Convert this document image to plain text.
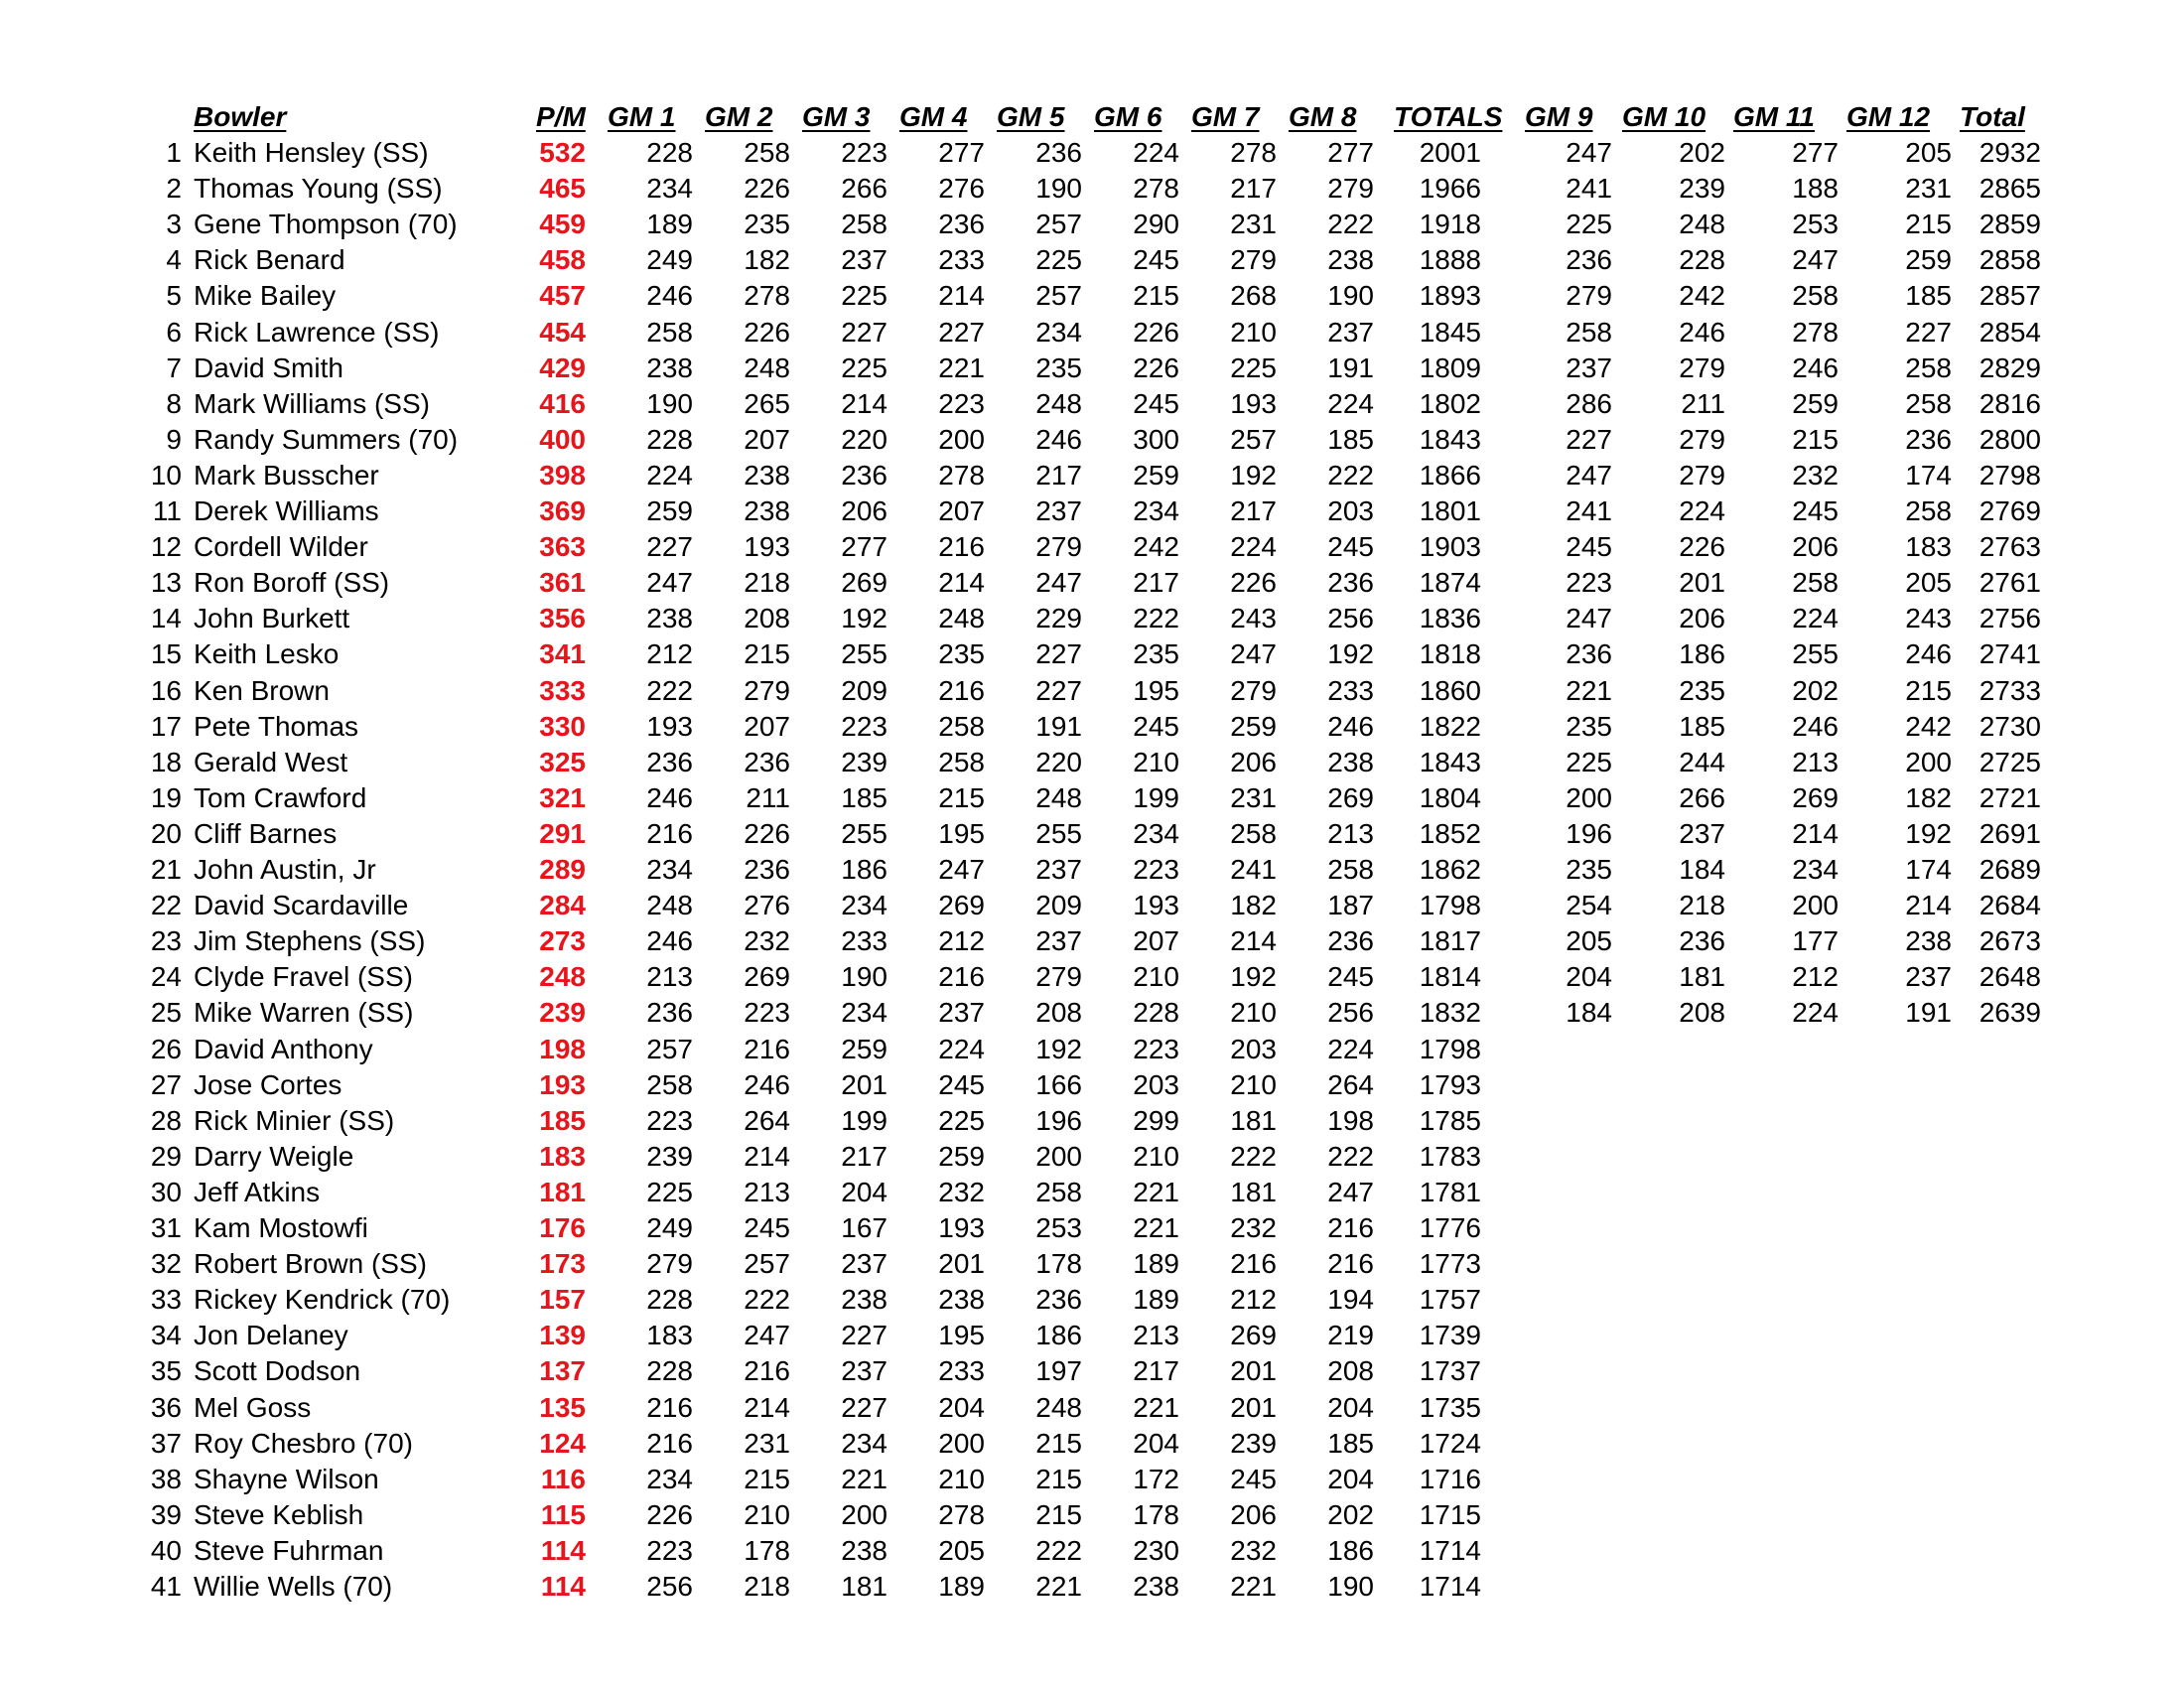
Bowler	P/M GM 1 GM 2 GM 3 GM 4 GM 5 GM 6 GM 7 GM 8 TOTALS GM 9 GM 10 GM 11 GM 12 Total
1 Keith Hensley (SS)	532	228	258	223	277	236	224	278	277	2001	247	202	277	205 2932
2 Thomas Young (SS)	465	234	226	266	276	190	278	217	279	1966	241	239	188	231 2865
3 Gene Thompson (70)	459	189	235	258	236	257	290	231	222	1918	225	248	253	215 2859
4 Rick Benard	458	249	182	237	233	225	245	279	238	1888	236	228	247	259 2858
5 Mike Bailey	457	246	278	225	214	257	215	268	190	1893	279	242	258	185 2857
6 Rick Lawrence (SS)	454	258	226	227	227	234	226	210	237	1845	258	246	278	227 2854
7 David Smith	429	238	248	225	221	235	226	225	191	1809	237	279	246	258 2829
8 Mark Williams (SS)	416	190	265	214	223	248	245	193	224	1802	286	211	259	258 2816
9 Randy Summers (70)	400	228	207	220	200	246	300	257	185	1843	227	279	215	236 2800
10 Mark Busscher	398	224	238	236	278	217	259	192	222	1866	247	279	232	174 2798
11 Derek Williams	369	259	238	206	207	237	234	217	203	1801	241	224	245	258 2769
12 Cordell Wilder	363	227	193	277	216	279	242	224	245	1903	245	226	206	183 2763
13 Ron Boroff (SS)	361	247	218	269	214	247	217	226	236	1874	223	201	258	205 2761
14 John Burkett	356	238	208	192	248	229	222	243	256	1836	247	206	224	243 2756
15 Keith Lesko	341	212	215	255	235	227	235	247	192	1818	236	186	255	246 2741
16 Ken Brown	333	222	279	209	216	227	195	279	233	1860	221	235	202	215 2733
17 Pete Thomas	330	193	207	223	258	191	245	259	246	1822	235	185	246	242 2730
18 Gerald West	325	236	236	239	258	220	210	206	238	1843	225	244	213	200 2725
19 Tom Crawford	321	246	211	185	215	248	199	231	269	1804	200	266	269	182 2721
20 Cliff Barnes	291	216	226	255	195	255	234	258	213	1852	196	237	214	192 2691
21 John Austin, Jr	289	234	236	186	247	237	223	241	258	1862	235	184	234	174 2689
22 David Scardaville	284	248	276	234	269	209	193	182	187	1798	254	218	200	214 2684
23 Jim Stephens (SS)	273	246	232	233	212	237	207	214	236	1817	205	236	177	238 2673
24 Clyde Fravel (SS)	248	213	269	190	216	279	210	192	245	1814	204	181	212	237 2648
25 Mike Warren (SS)	239	236	223	234	237	208	228	210	256	1832	184	208	224	191 2639
26 David Anthony	198	257	216	259	224	192	223	203	224	1798
27 Jose Cortes	193	258	246	201	245	166	203	210	264	1793
28 Rick Minier (SS)	185	223	264	199	225	196	299	181	198	1785
29 Darry Weigle	183	239	214	217	259	200	210	222	222	1783
30 Jeff Atkins	181	225	213	204	232	258	221	181	247	1781
31 Kam Mostowfi	176	249	245	167	193	253	221	232	216	1776
32 Robert Brown (SS)	173	279	257	237	201	178	189	216	216	1773
33 Rickey Kendrick (70)	157	228	222	238	238	236	189	212	194	1757
34 Jon Delaney	139	183	247	227	195	186	213	269	219	1739
35 Scott Dodson	137	228	216	237	233	197	217	201	208	1737
36 Mel Goss	135	216	214	227	204	248	221	201	204	1735
37 Roy Chesbro (70)	124	216	231	234	200	215	204	239	185	1724
38 Shayne Wilson	116	234	215	221	210	215	172	245	204	1716
39 Steve Keblish	115	226	210	200	278	215	178	206	202	1715
40 Steve Fuhrman	114	223	178	238	205	222	230	232	186	1714
41 Willie Wells (70)	114	256	218	181	189	221	238	221	190	1714
